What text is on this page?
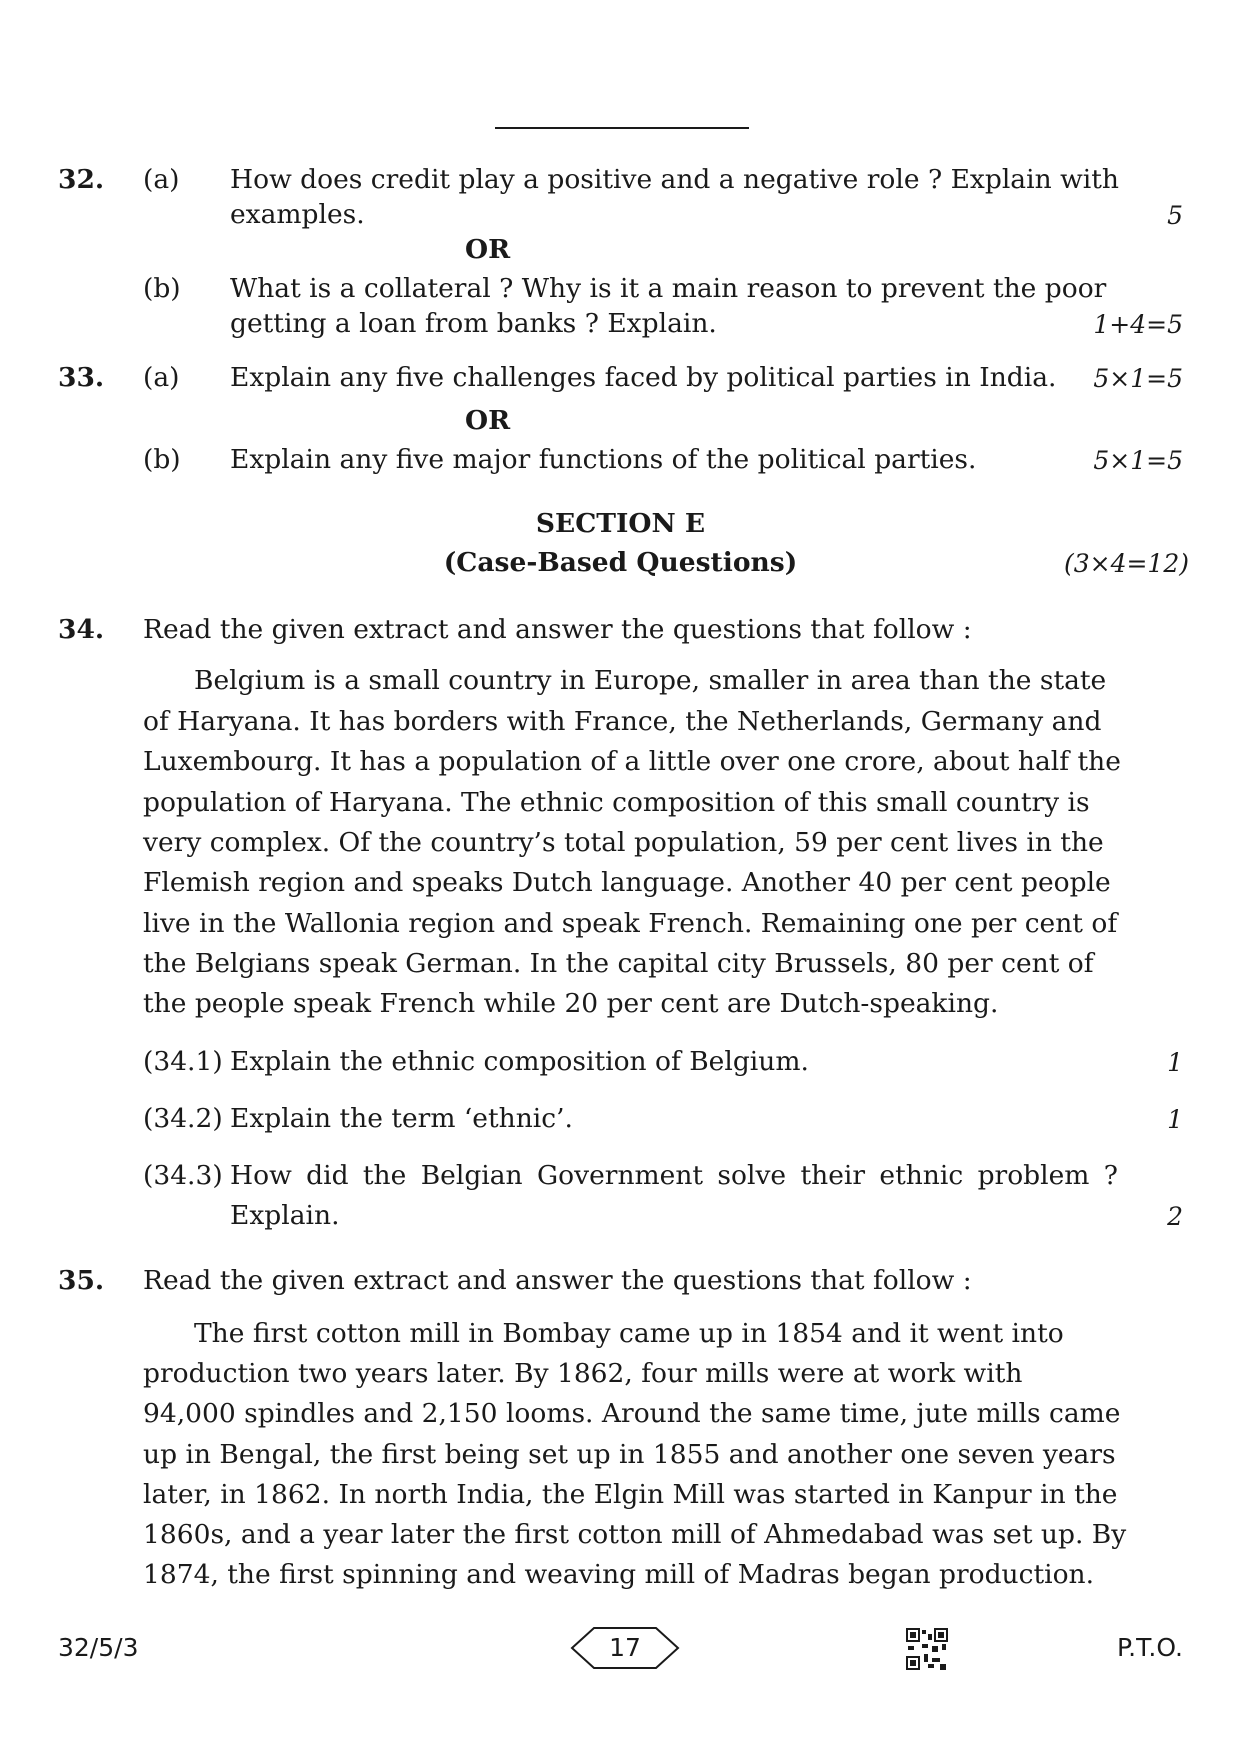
32. (a) How does credit play a positive and a negative role ? Explain with
examples.	5
OR
(b) What is a collateral ? Why is it a main reason to prevent the poor
getting a loan from banks ? Explain.	1+4=5
33. (a) Explain any five challenges faced by political parties in India. 5×1=5
OR
(b) Explain any five major functions of the political parties.	5×1=5
SECTION E
(Case-Based Questions)	(3×4=12)
34. Read the given extract and answer the questions that follow :
Belgium is a small country in Europe, smaller in area than the state
of Haryana. It has borders with France, the Netherlands, Germany and
Luxembourg. It has a population of a little over one crore, about half the
population of Haryana. The ethnic composition of this small country is
very complex. Of the country’s total population, 59 per cent lives in the
Flemish region and speaks Dutch language. Another 40 per cent people
live in the Wallonia region and speak French. Remaining one per cent of
the Belgians speak German. In the capital city Brussels, 80 per cent of
the people speak French while 20 per cent are Dutch-speaking.
(34.1) Explain the ethnic composition of Belgium.	1
(34.2) Explain the term ‘ethnic’.	1
(34.3) How did the Belgian Government solve their ethnic problem ?
Explain.	2
35. Read the given extract and answer the questions that follow :
The first cotton mill in Bombay came up in 1854 and it went into
production two years later. By 1862, four mills were at work with
94,000 spindles and 2,150 looms. Around the same time, jute mills came
up in Bengal, the first being set up in 1855 and another one seven years
later, in 1862. In north India, the Elgin Mill was started in Kanpur in the
1860s, and a year later the first cotton mill of Ahmedabad was set up. By
1874, the first spinning and weaving mill of Madras began production.
32/5/3	17	P.T.O.
